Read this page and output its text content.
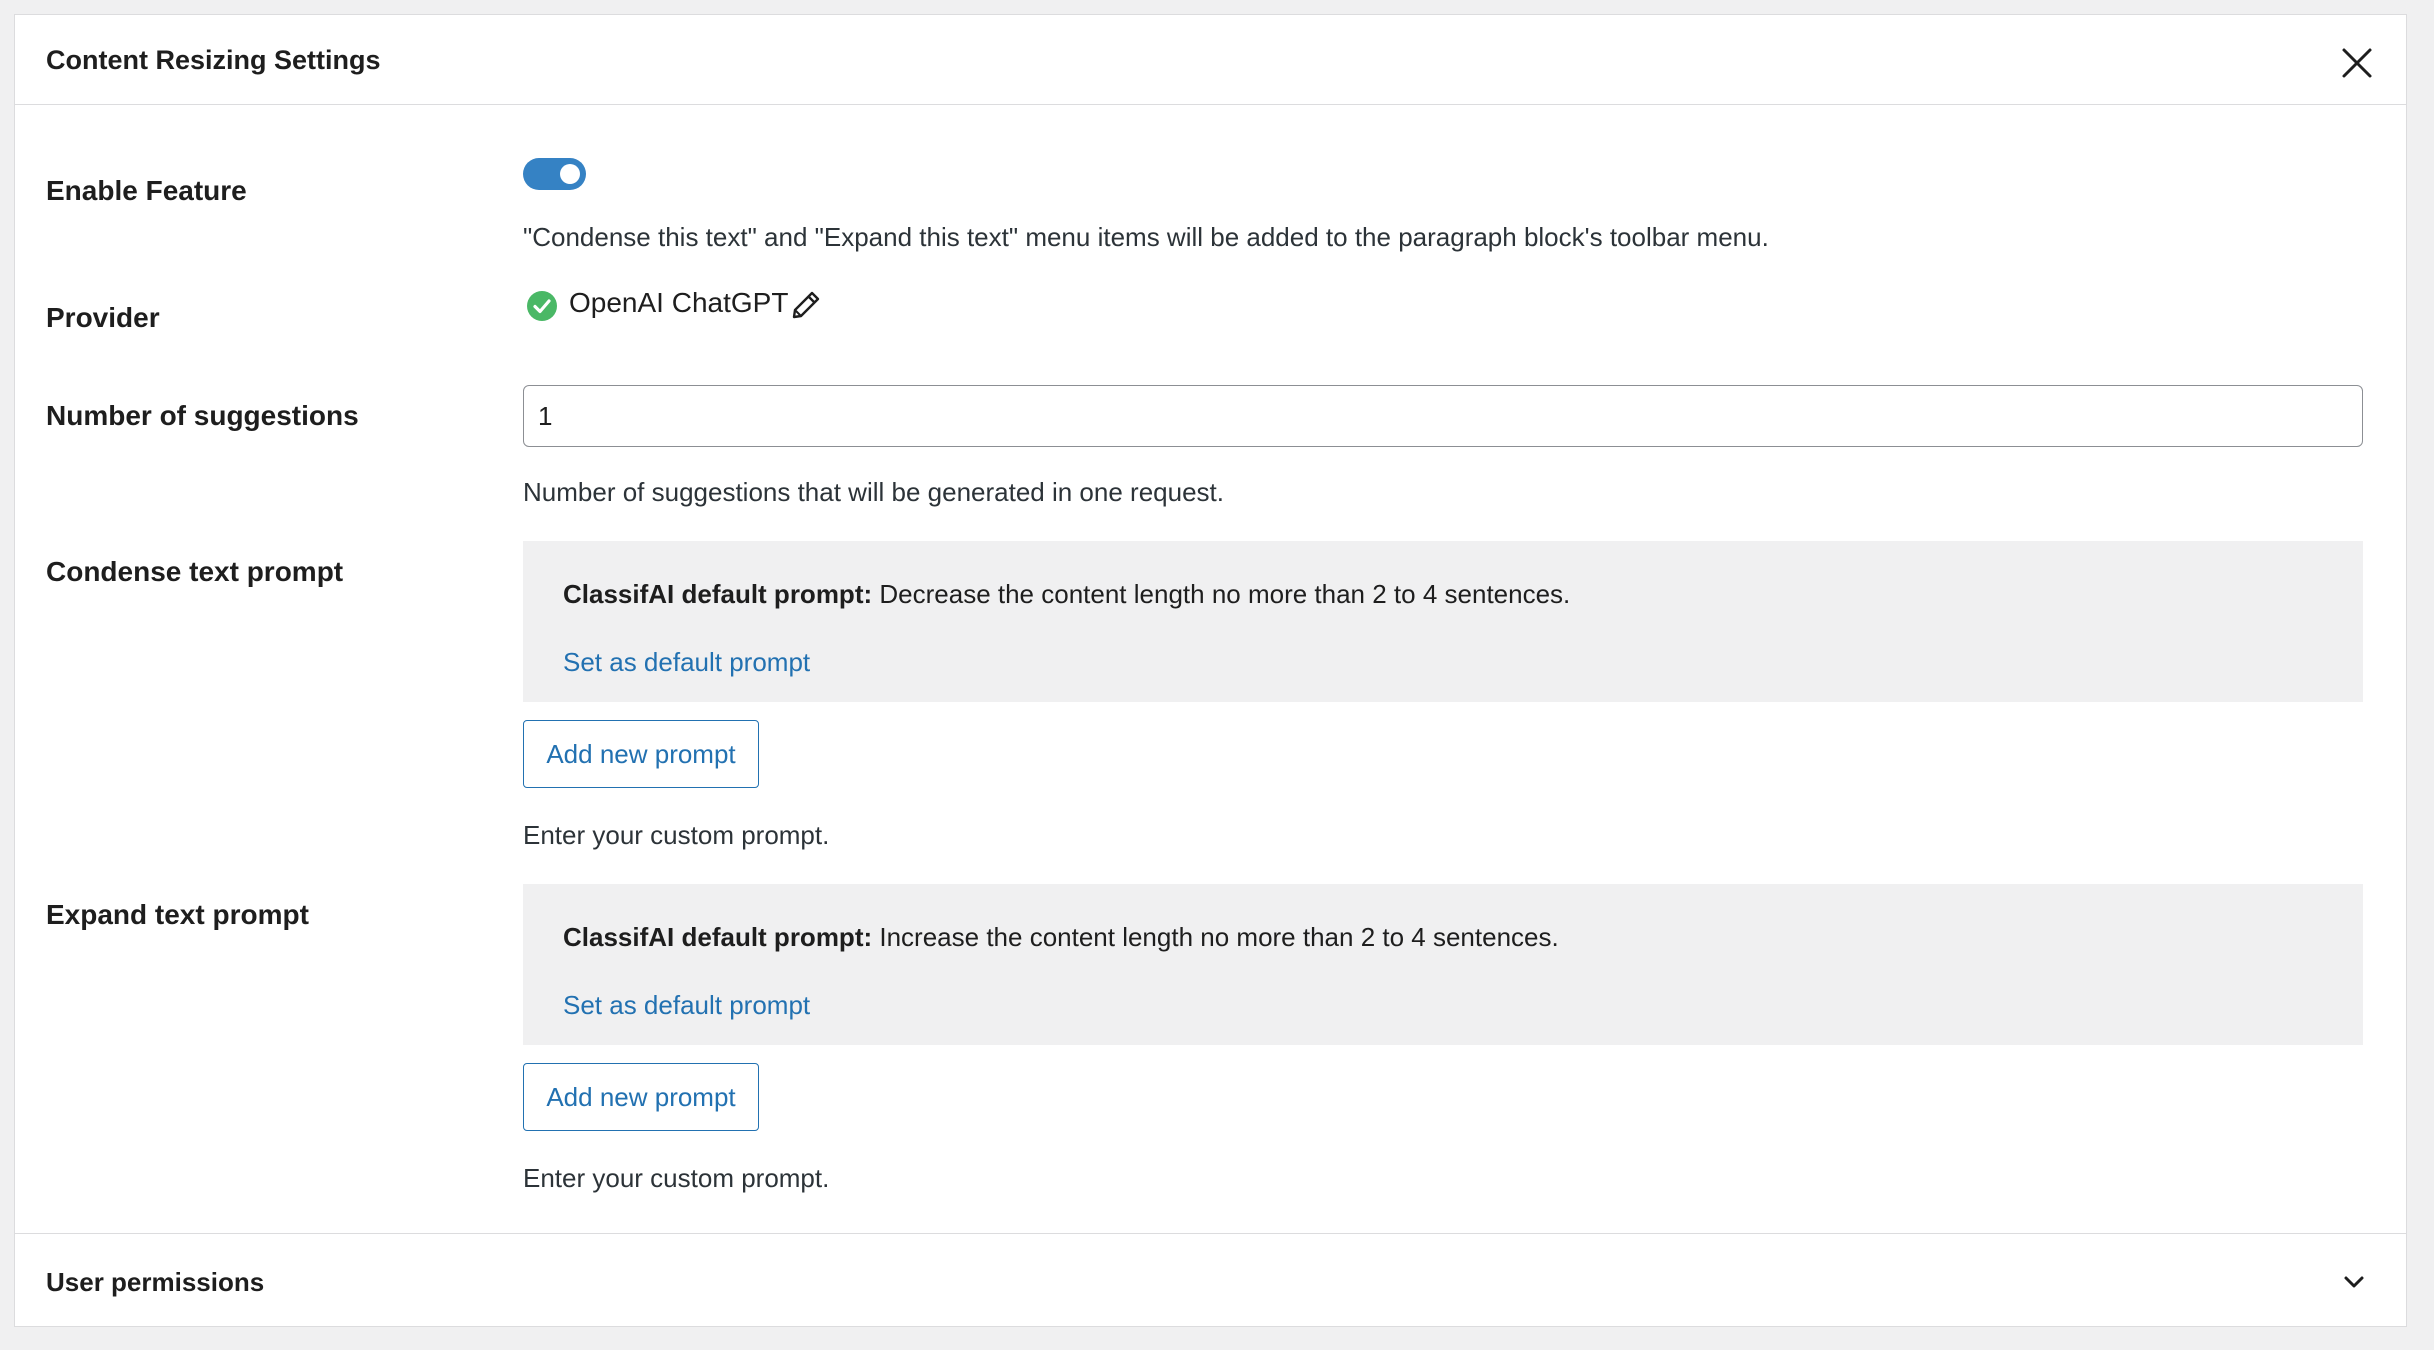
Content Resizing Settings
Enable Feature
"Condense this text" and "Expand this text" menu items will be added to the paragraph block's toolbar menu.
Provider	OpenAI ChatGPT
Number of suggestions
1
Number of suggestions that will be generated in one request.
Condense text prompt
ClassifAI default prompt: Decrease the content length no more than 2 to 4 sentences.
Set as default prompt
Add new prompt
Enter your custom prompt.
Expand text prompt
ClassifAI default prompt: Increase the content length no more than 2 to 4 sentences.
Set as default prompt
Add new prompt
Enter your custom prompt.
User permissions
